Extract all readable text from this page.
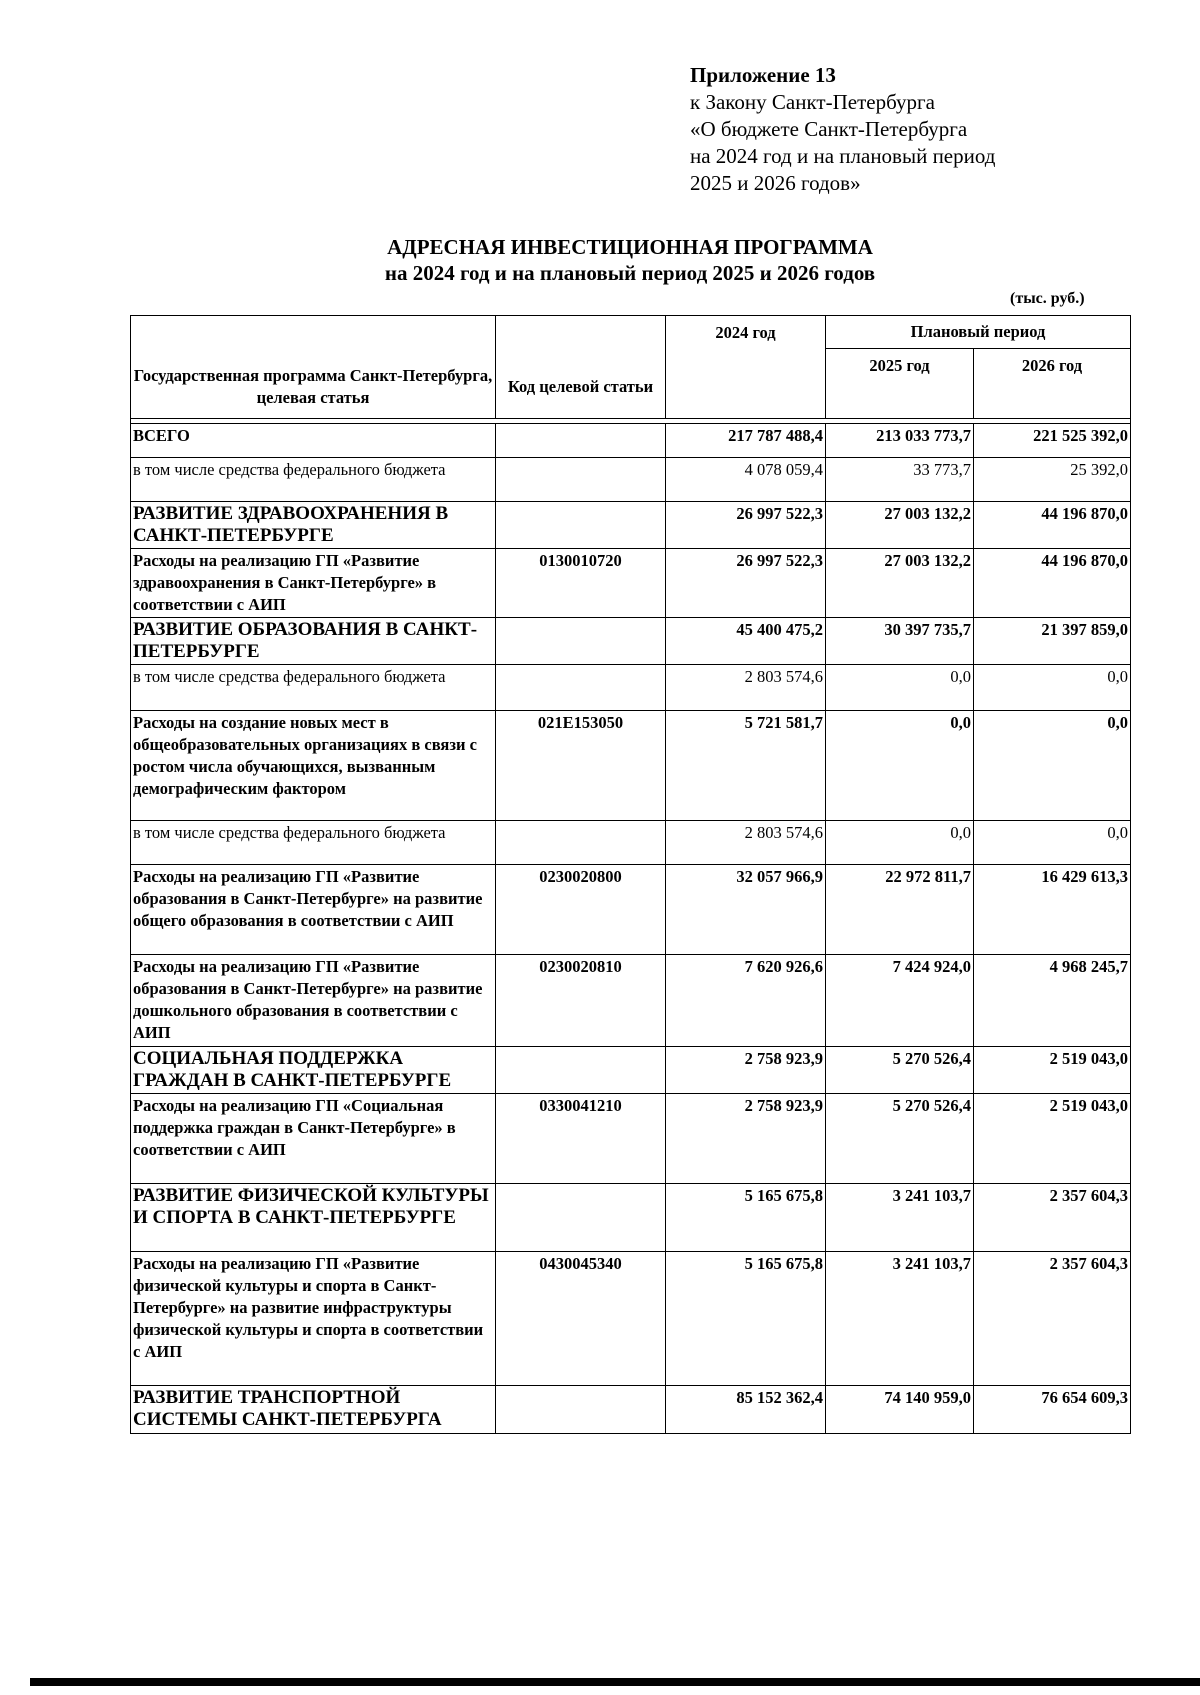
Приложение 13
к Закону Санкт-Петербурга
«О бюджете Санкт-Петербурга
на 2024 год и на плановый период
2025 и 2026 годов»
АДРЕСНАЯ ИНВЕСТИЦИОННАЯ ПРОГРАММА
на 2024 год и на плановый период 2025 и 2026 годов
(тыс. руб.)
Государственная программа Санкт-Петербурга, целевая статья	Код целевой статьи	2024 год	Плановый период	
			2025 год	2026 год

ВСЕГО		217 787 488,4	213 033 773,7	221 525 392,0
в том числе средства федерального бюджета		4 078 059,4	33 773,7	25 392,0
РАЗВИТИЕ ЗДРАВООХРАНЕНИЯ В САНКТ-ПЕТЕРБУРГЕ		26 997 522,3	27 003 132,2	44 196 870,0
Расходы на реализацию ГП «Развитие здравоохранения в Санкт-Петербурге» в соответствии с АИП	0130010720	26 997 522,3	27 003 132,2	44 196 870,0
РАЗВИТИЕ ОБРАЗОВАНИЯ В САНКТ-ПЕТЕРБУРГЕ		45 400 475,2	30 397 735,7	21 397 859,0
в том числе средства федерального бюджета		2 803 574,6	0,0	0,0
Расходы на создание новых мест в общеобразовательных организациях в связи с ростом числа обучающихся, вызванным демографическим фактором	021Е153050	5 721 581,7	0,0	0,0
в том числе средства федерального бюджета		2 803 574,6	0,0	0,0
Расходы на реализацию ГП «Развитие образования в Санкт-Петербурге» на развитие общего образования в соответствии с АИП	0230020800	32 057 966,9	22 972 811,7	16 429 613,3
Расходы на реализацию ГП «Развитие образования в Санкт-Петербурге» на развитие дошкольного образования в соответствии с АИП	0230020810	7 620 926,6	7 424 924,0	4 968 245,7
СОЦИАЛЬНАЯ ПОДДЕРЖКА ГРАЖДАН В САНКТ-ПЕТЕРБУРГЕ		2 758 923,9	5 270 526,4	2 519 043,0
Расходы на реализацию ГП «Социальная поддержка граждан в Санкт-Петербурге» в соответствии с АИП	0330041210	2 758 923,9	5 270 526,4	2 519 043,0
РАЗВИТИЕ ФИЗИЧЕСКОЙ КУЛЬТУРЫ И СПОРТА В САНКТ-ПЕТЕРБУРГЕ		5 165 675,8	3 241 103,7	2 357 604,3
Расходы на реализацию ГП «Развитие физической культуры и спорта в Санкт-Петербурге» на развитие инфраструктуры физической культуры и спорта в соответствии с АИП	0430045340	5 165 675,8	3 241 103,7	2 357 604,3
РАЗВИТИЕ ТРАНСПОРТНОЙ СИСТЕМЫ САНКТ-ПЕТЕРБУРГА		85 152 362,4	74 140 959,0	76 654 609,3
